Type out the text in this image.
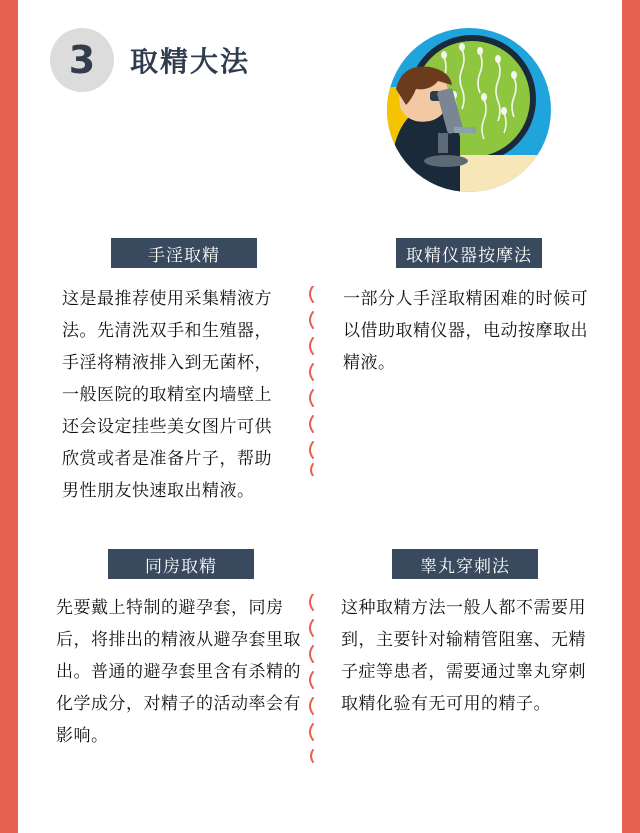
3 取精大法
手淫取精
这是最推荐使用采集精液方法。先清洗双手和生殖器，手淫将精液排入到无菌杯，一般医院的取精室内墙壁上还会设定挂些美女图片可供欣赏或者是准备片子，帮助男性朋友快速取出精液。
取精仪器按摩法
一部分人手淫取精困难的时候可以借助取精仪器，电动按摩取出精液。
同房取精
先要戴上特制的避孕套，同房后，将排出的精液从避孕套里取出。普通的避孕套里含有杀精的化学成分，对精子的活动率会有影响。
睾丸穿刺法
这种取精方法一般人都不需要用到，主要针对输精管阻塞、无精子症等患者，需要通过睾丸穿刺取精化验有无可用的精子。
